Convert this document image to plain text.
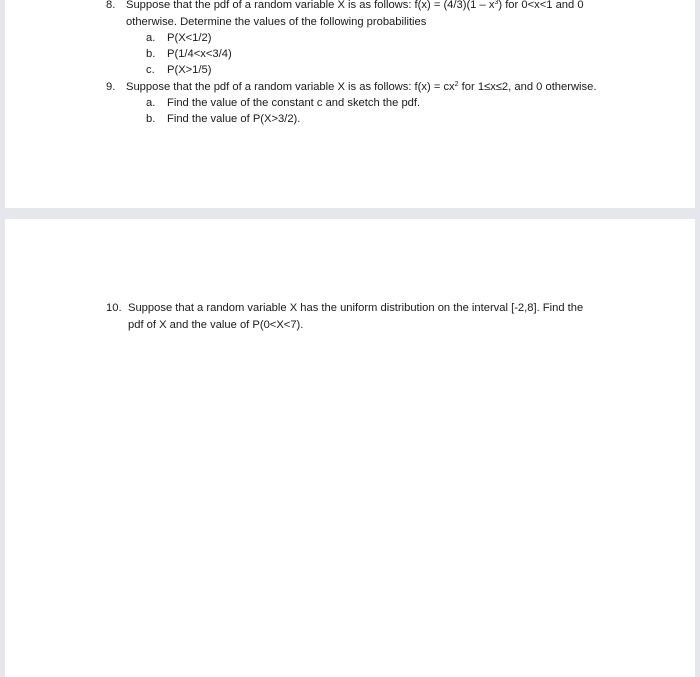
8. Suppose that the pdf of a random variable X is as follows: $f(x) = (4/3)(1 - x^3)$ for 0<x<1 and 0
otherwise. Determine the values of the following probabilities
a.	P(X<1/2)
b.	P(1/4<x<3/4)
c.	P(X>1/5)
9. Suppose that the pdf of a random variable X is as follows: $f(x) = cx^2$ for 1≤x≤2, and 0 otherwise.
a.	Find the value of the constant c and sketch the pdf.
b.	Find the value of P(X>3/2).
10. Suppose that a random variable X has the uniform distribution on the interval [-2,8]. Find the
pdf of X and the value of P(0<X<7).
